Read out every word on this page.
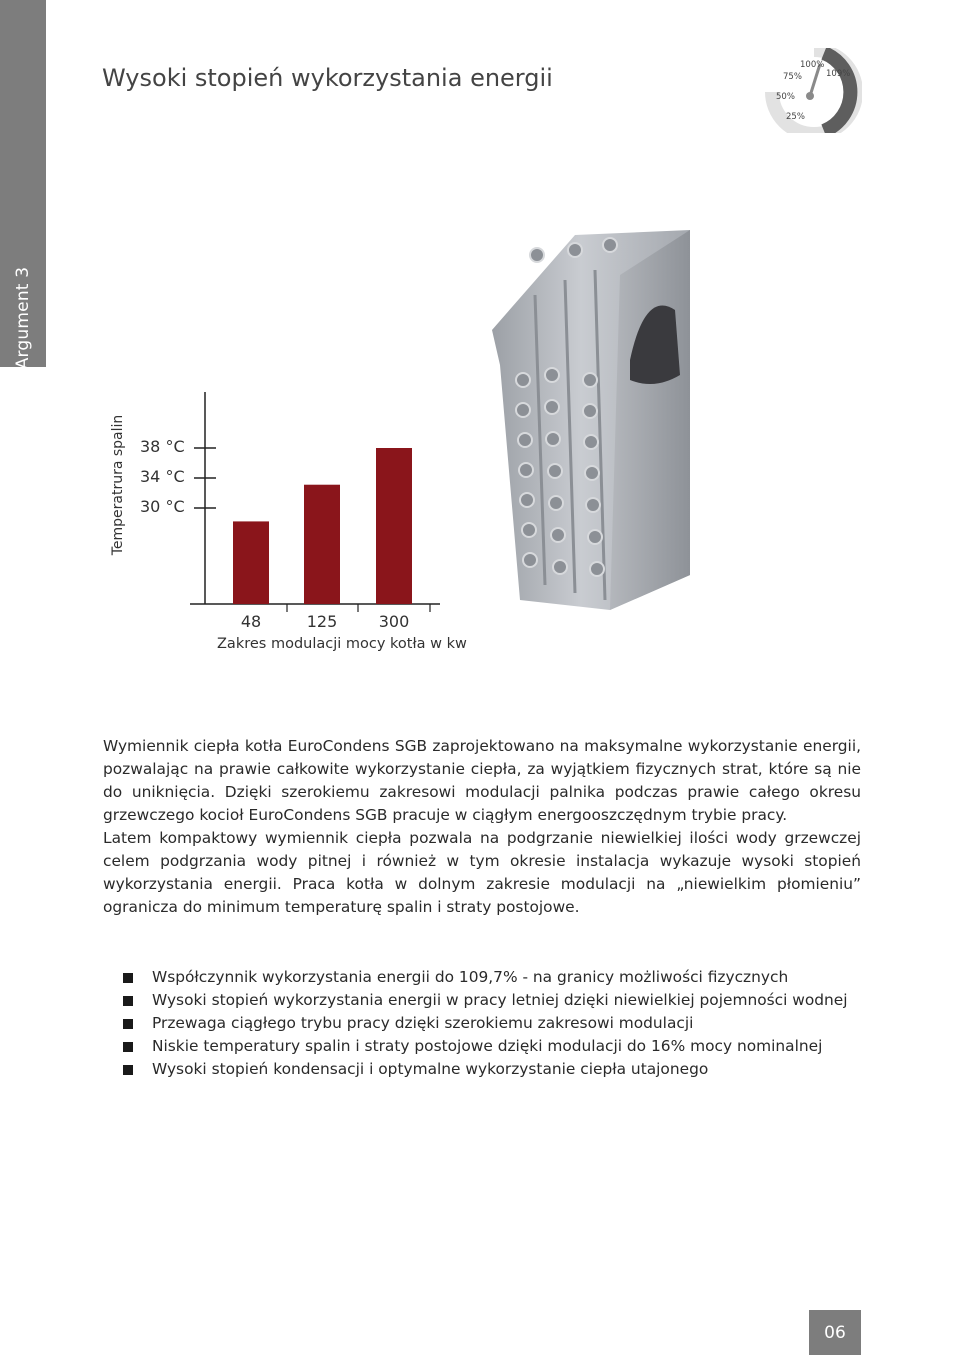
Argument 3
Wysoki stopień wykorzystania energii
25%
50%
75%
100%
109%
Temperatrura spalin 38 °C
34 °C
30 °C
48	125	300
Zakres modulacji mocy kotła w kw

Wymiennik ciepła kotła EuroCondens SGB zaprojektowano na maksymalne wykorzystanie energii, pozwalając na prawie całkowite wykorzystanie ciepła, za wyjątkiem fizycznych strat, które są nie do uniknięcia. Dzięki szerokiemu zakresowi modulacji palnika podczas prawie całego okresu grzewczego kocioł EuroCondens SGB pracuje w ciągłym energooszczędnym trybie pracy.

Latem kompaktowy wymiennik ciepła pozwala na podgrzanie niewielkiej ilości wody grzewczej celem podgrzania wody pitnej i również w tym okresie instalacja wykazuje wysoki stopień wykorzystania energii. Praca kotła w dolnym zakresie modulacji na „niewielkim płomieniu” ogranicza do minimum temperaturę spalin i straty postojowe.

Współczynnik wykorzystania energii do 109,7% - na granicy możliwości fizycznych
Wysoki stopień wykorzystania energii w pracy letniej dzięki niewielkiej pojemności wodnej
Przewaga ciągłego trybu pracy dzięki szerokiemu zakresowi modulacji
Niskie temperatury spalin i straty postojowe dzięki modulacji do 16% mocy nominalnej
Wysoki stopień kondensacji i optymalne wykorzystanie ciepła utajonego
06
